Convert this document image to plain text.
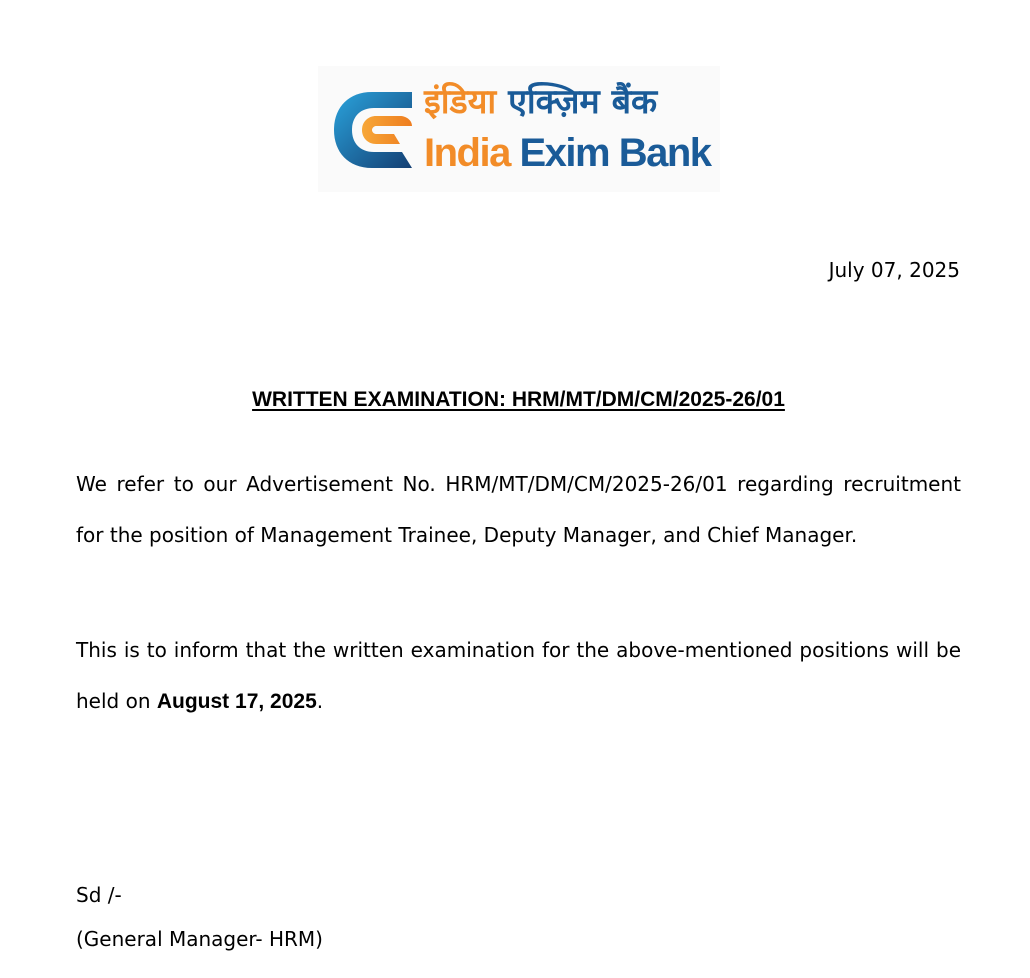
इंडिया एक्ज़िम बैंक
India Exim Bank
July 07, 2025
WRITTEN EXAMINATION: HRM/MT/DM/CM/2025-26/01

We refer to our Advertisement No. HRM/MT/DM/CM/2025-26/01 regarding recruitment for the position of Management Trainee, Deputy Manager, and Chief Manager.

This is to inform that the written examination for the above-mentioned positions will be held on August 17, 2025.

Sd /-
(General Manager- HRM)
